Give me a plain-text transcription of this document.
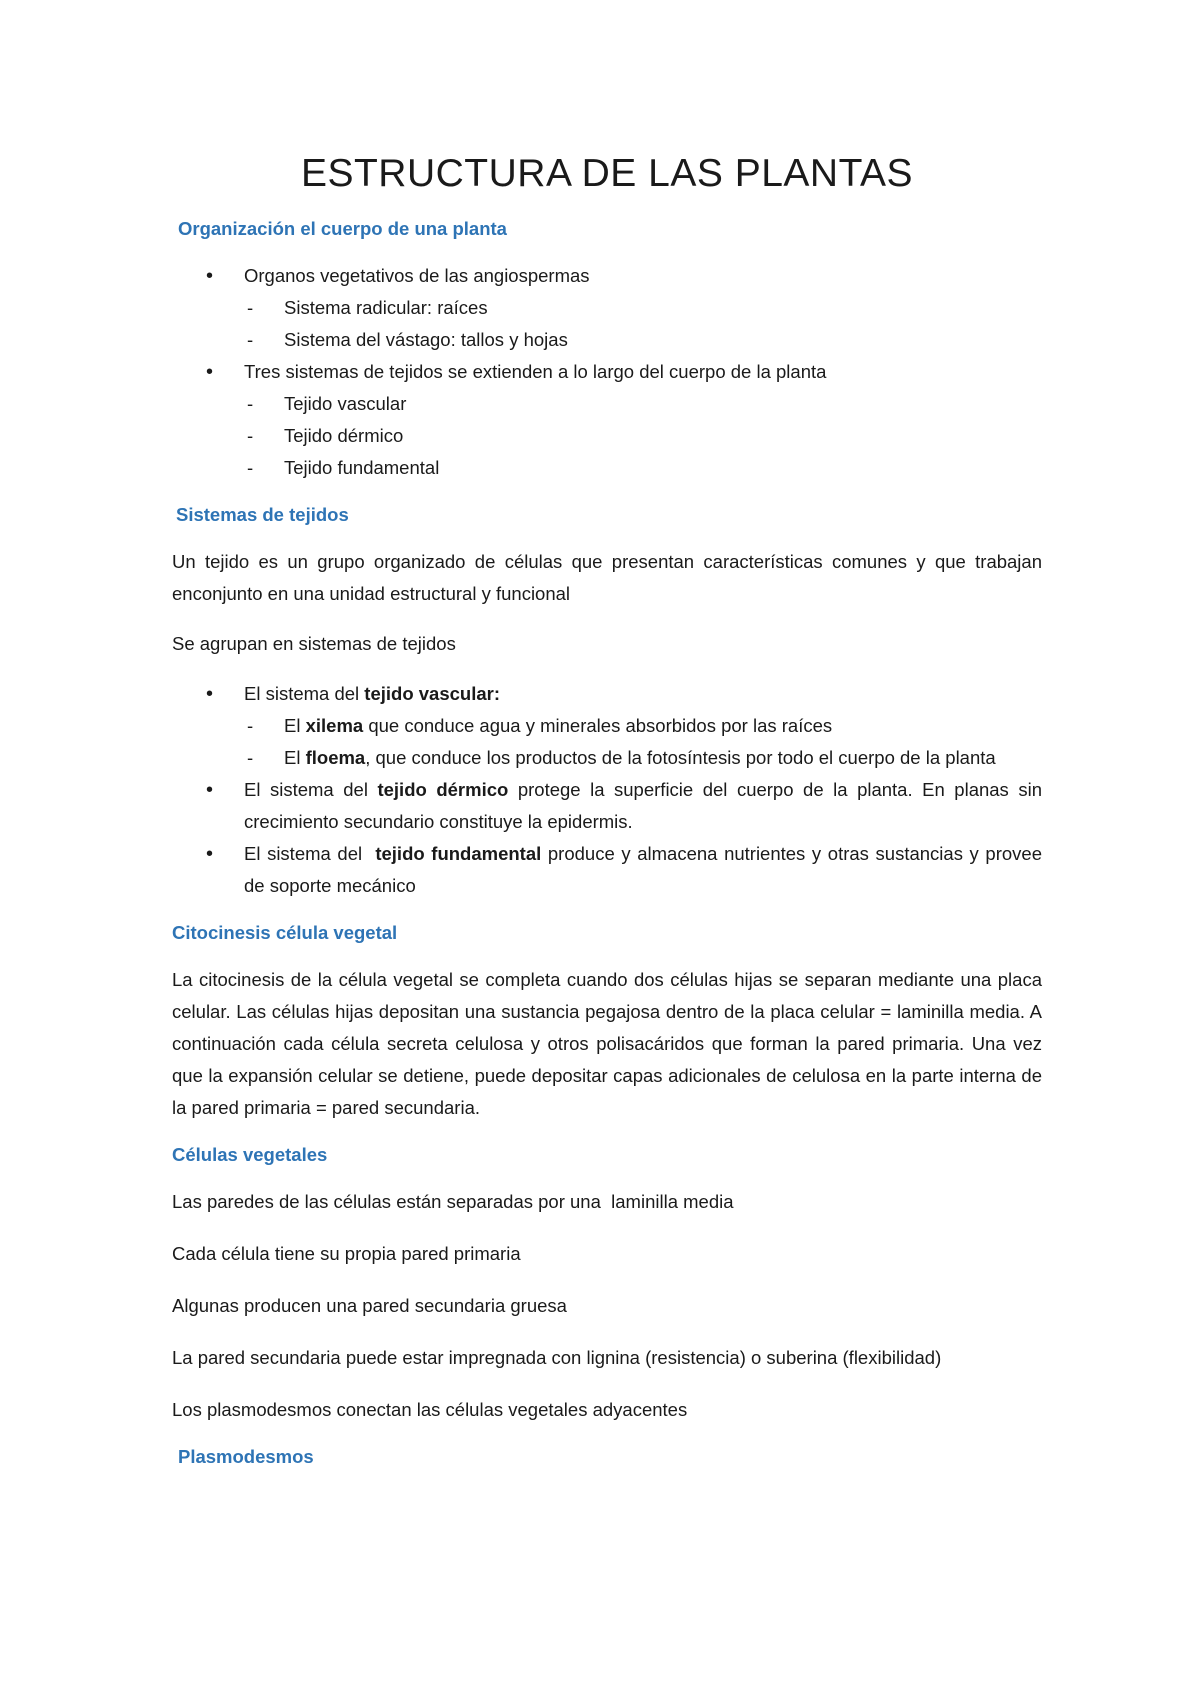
ESTRUCTURA DE LAS PLANTAS
Organización el cuerpo de una planta
• Organos vegetativos de las angiospermas
- Sistema radicular: raíces
- Sistema del vástago: tallos y hojas
• Tres sistemas de tejidos se extienden a lo largo del cuerpo de la planta
- Tejido vascular
- Tejido dérmico
- Tejido fundamental
Sistemas de tejidos

Un tejido es un grupo organizado de células que presentan características comunes y que trabajan enconjunto en una unidad estructural y funcional

Se agrupan en sistemas de tejidos

• El sistema del tejido vascular:
- El xilema que conduce agua y minerales absorbidos por las raíces
- El floema, que conduce los productos de la fotosíntesis por todo el cuerpo de la planta
• El sistema del tejido dérmico protege la superficie del cuerpo de la planta. En planas sin crecimiento secundario constituye la epidermis.
• El sistema del  tejido fundamental produce y almacena nutrientes y otras sustancias y provee de soporte mecánico
Citocinesis célula vegetal

La citocinesis de la célula vegetal se completa cuando dos células hijas se separan mediante una placa celular. Las células hijas depositan una sustancia pegajosa dentro de la placa celular = laminilla media. A continuación cada célula secreta celulosa y otros polisacáridos que forman la pared primaria. Una vez que la expansión celular se detiene, puede depositar capas adicionales de celulosa en la parte interna de la pared primaria = pared secundaria.

Células vegetales

Las paredes de las células están separadas por una  laminilla media

Cada célula tiene su propia pared primaria

Algunas producen una pared secundaria gruesa

La pared secundaria puede estar impregnada con lignina (resistencia) o suberina (flexibilidad)

Los plasmodesmos conectan las células vegetales adyacentes

Plasmodesmos
